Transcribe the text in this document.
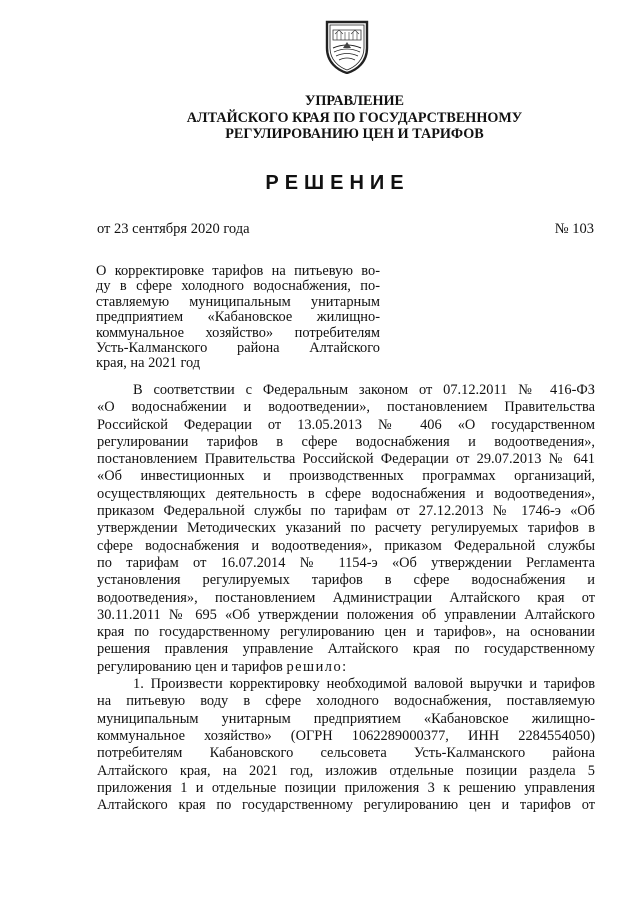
УПРАВЛЕНИЕ
АЛТАЙСКОГО КРАЯ ПО ГОСУДАРСТВЕННОМУ
РЕГУЛИРОВАНИЮ ЦЕН И ТАРИФОВ
РЕШЕНИЕ
от 23 сентября 2020 года	№ 103
О корректировке тарифов на питьевую во-
ду в сфере холодного водоснабжения, по-
ставляемую муниципальным унитарным
предприятием «Кабановское жилищно-
коммунальное хозяйство» потребителям
Усть-Калманского района Алтайского
края, на 2021 год
В соответствии с Федеральным законом от 07.12.2011 № 416-ФЗ
«О водоснабжении и водоотведении», постановлением Правительства
Российской Федерации от 13.05.2013 № 406 «О государственном
регулировании тарифов в сфере водоснабжения и водоотведения»,
постановлением Правительства Российской Федерации от 29.07.2013 № 641
«Об инвестиционных и производственных программах организаций,
осуществляющих деятельность в сфере водоснабжения и водоотведения»,
приказом Федеральной службы по тарифам от 27.12.2013 № 1746-э «Об
утверждении Методических указаний по расчету регулируемых тарифов в
сфере водоснабжения и водоотведения», приказом Федеральной службы
по тарифам от 16.07.2014 № 1154-э «Об утверждении Регламента
установления регулируемых тарифов в сфере водоснабжения и
водоотведения», постановлением Администрации Алтайского края от
30.11.2011 № 695 «Об утверждении положения об управлении Алтайского
края по государственному регулированию цен и тарифов», на основании
решения правления управление Алтайского края по государственному
регулированию цен и тарифов решило:
1. Произвести корректировку необходимой валовой выручки и тарифов
на питьевую воду в сфере холодного водоснабжения, поставляемую
муниципальным унитарным предприятием «Кабановское жилищно-
коммунальное хозяйство» (ОГРН 1062289000377, ИНН 2284554050)
потребителям Кабановского сельсовета Усть-Калманского района
Алтайского края, на 2021 год, изложив отдельные позиции раздела 5
приложения 1 и отдельные позиции приложения 3 к решению управления
Алтайского края по государственному регулированию цен и тарифов от
